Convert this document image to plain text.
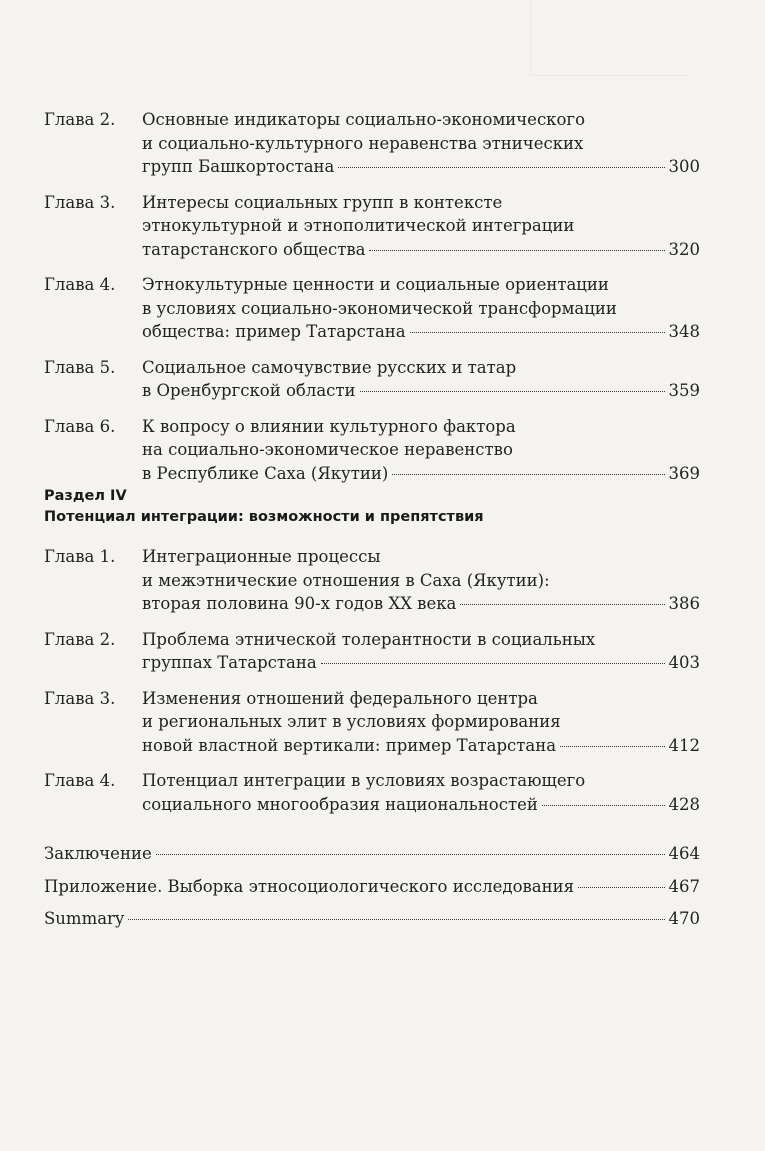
Глава 2. Основные индикаторы социально-экономического
и социально-культурного неравенства этнических
групп Башкортостана	300
Глава 3. Интересы социальных групп в контексте
этнокультурной и этнополитической интеграции
татарстанского общества	320
Глава 4. Этнокультурные ценности и социальные ориентации
в условиях социально-экономической трансформации
общества: пример Татарстана	348
Глава 5. Социальное самочувствие русских и татар
в Оренбургской области	359
Глава 6. К вопросу о влиянии культурного фактора
на социально-экономическое неравенство
в Республике Саха (Якутии)	369
Раздел IV
Потенциал интеграции: возможности и препятствия
Глава 1. Интеграционные процессы
и межэтнические отношения в Саха (Якутии):
вторая половина 90-х годов XX века	386
Глава 2. Проблема этнической толерантности в социальных
группах Татарстана	403
Глава 3. Изменения отношений федерального центра
и региональных элит в условиях формирования
новой властной вертикали: пример Татарстана	412
Глава 4. Потенциал интеграции в условиях возрастающего
социального многообразия национальностей	428
Заключение	464
Приложение. Выборка этносоциологического исследования	467
Summary	470
